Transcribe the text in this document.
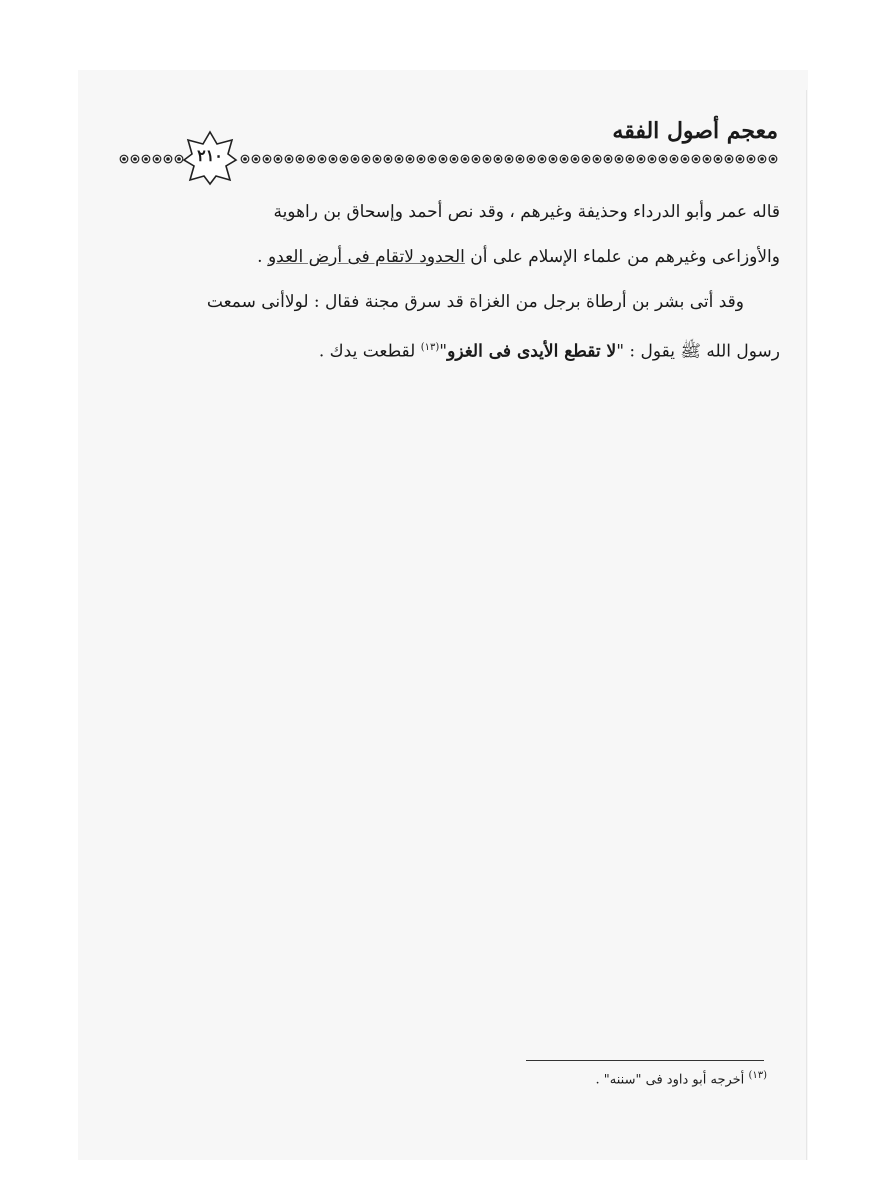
معجم أصول الفقه
٢١٠

قاله عمر وأبو الدرداء وحذيفة وغيرهم ، وقد نص أحمد وإسحاق بن راهوية
والأوزاعى وغيرهم من علماء الإسلام على أن الحدود لاتقام فى أرض العدو .

وقد أتى بشر بن أرطاة برجل من الغزاة قد سرق مجنة فقال : لولاأنى سمعت
رسول الله ﷺ يقول : "لا تقطع الأيدى فى الغزو"$^{(١٣)}$ لقطعت يدك .

$^{(١٣)}$ أخرجه أبو داود فى "سننه" .
